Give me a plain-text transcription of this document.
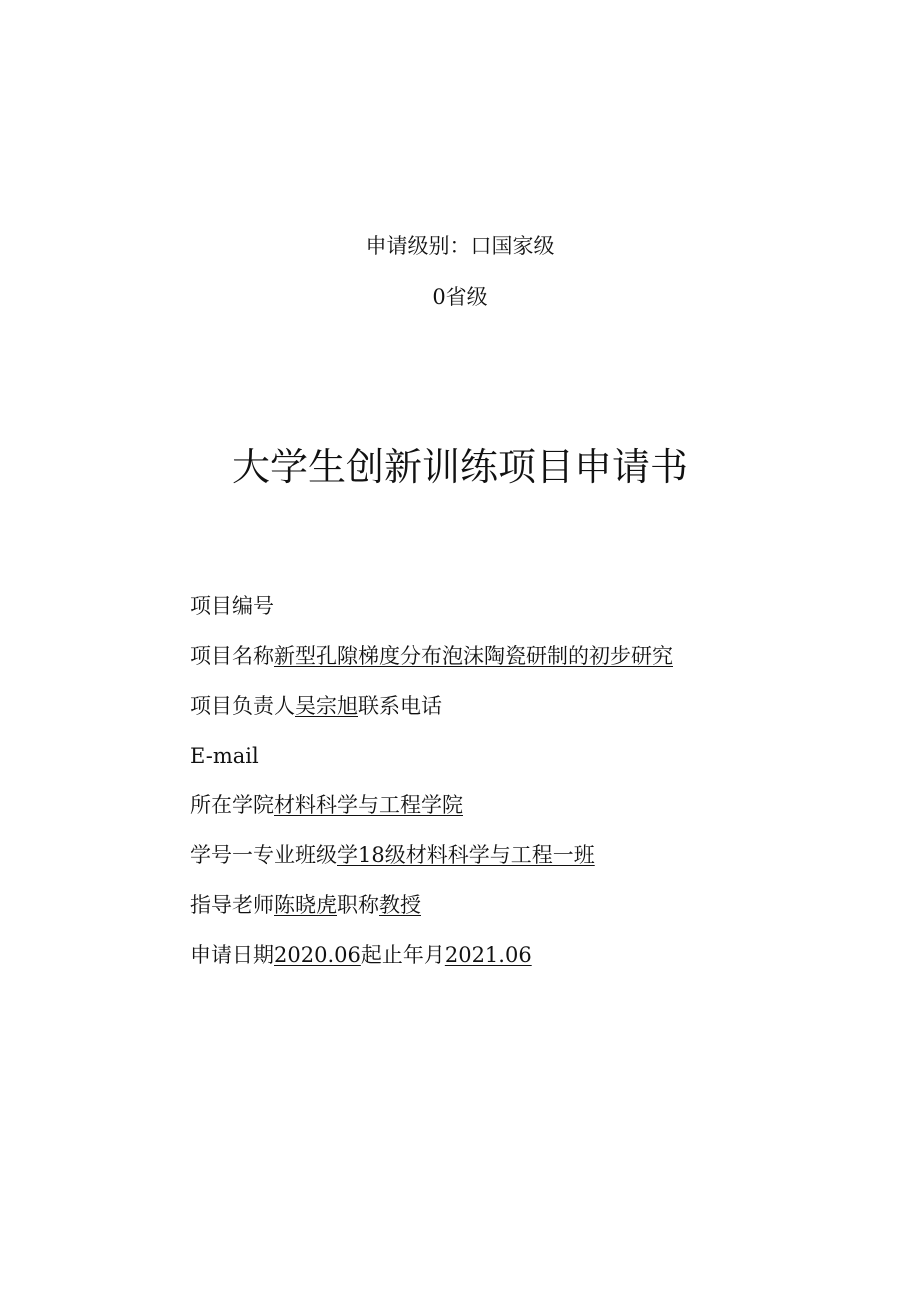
申请级别：口国家级
0省级
大学生创新训练项目申请书
项目编号
项目名称新型孔隙梯度分布泡沫陶瓷研制的初步研究
项目负责人吴宗旭联系电话
E-mail
所在学院材料科学与工程学院
学号一专业班级学18级材料科学与工程一班
指导老师陈晓虎职称教授
申请日期2020.06起止年月2021.06
